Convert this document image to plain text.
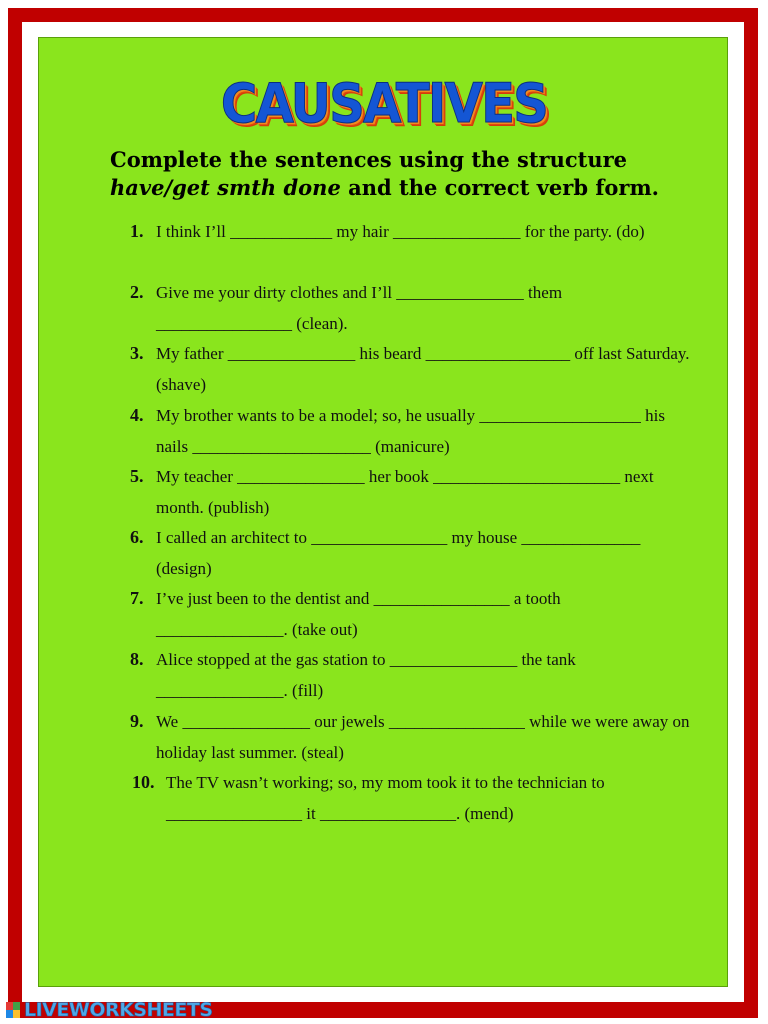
CAUSATIVES
Complete the sentences using the structure
have/get smth done and the correct verb form.
1. I think I’ll ____________ my hair _______________ for the party. (do)
2. Give me your dirty clothes and I’ll _______________ them ________________ (clean).
3. My father _______________ his beard _________________ off last Saturday. (shave)
4. My brother wants to be a model; so, he usually ___________________ his nails _____________________ (manicure)
5. My teacher _______________ her book ______________________ next month. (publish)
6. I called an architect to ________________ my house ______________ (design)
7. I’ve just been to the dentist and ________________ a tooth _______________. (take out)
8. Alice stopped at the gas station to _______________ the tank _______________. (fill)
9. We _______________ our jewels ________________ while we were away on holiday last summer. (steal)
10. The TV wasn’t working; so, my mom took it to the technician to ________________ it ________________. (mend)
LIVEWORKSHEETS
